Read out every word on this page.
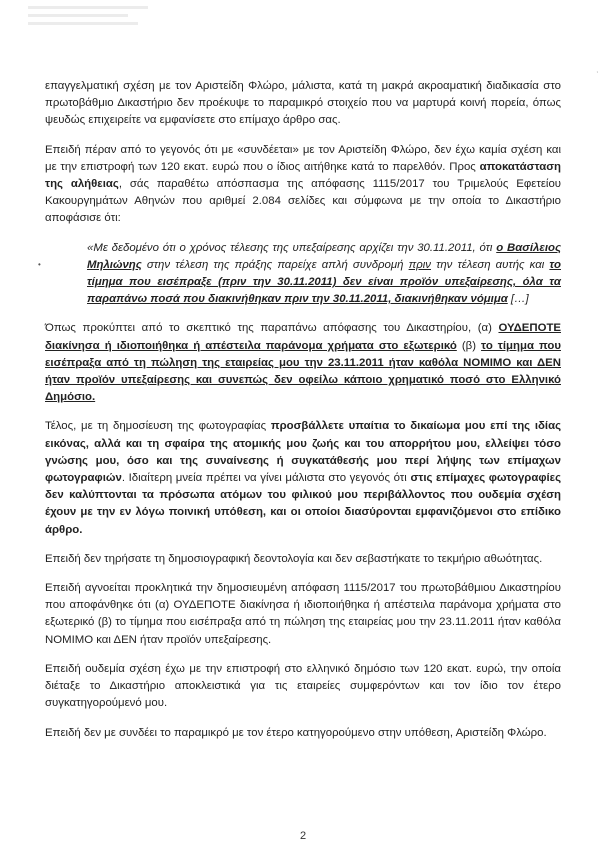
ʹ
•

επαγγελματική σχέση με τον Αριστείδη Φλώρο, μάλιστα, κατά τη μακρά ακροαματική διαδικασία στο πρωτοβάθμιο Δικαστήριο δεν προέκυψε το παραμικρό στοιχείο που να μαρτυρά κοινή πορεία, όπως ψευδώς επιχειρείτε να εμφανίσετε στο επίμαχο άρθρο σας.

Επειδή πέραν από το γεγονός ότι με «συνδέεται» με τον Αριστείδη Φλώρο, δεν έχω καμία σχέση και με την επιστροφή των 120 εκατ. ευρώ που ο ίδιος αιτήθηκε κατά το παρελθόν. Προς αποκατάσταση της αλήθειας, σάς παραθέτω απόσπασμα της απόφασης 1115/2017 του Τριμελούς Εφετείου Κακουργημάτων Αθηνών που αριθμεί 2.084 σελίδες και σύμφωνα με την οποία το Δικαστήριο αποφάσισε ότι:

«Με δεδομένο ότι ο χρόνος τέλεσης της υπεξαίρεσης αρχίζει την 30.11.2011, ότι ο Βασίλειος Μηλιώνης στην τέλεση της πράξης παρείχε απλή συνδρομή πριν την τέλεση αυτής και το τίμημα που εισέπραξε (πριν την 30.11.2011) δεν είναι προϊόν υπεξαίρεσης, όλα τα παραπάνω ποσά που διακινήθηκαν πριν την 30.11.2011, διακινήθηκαν νόμιμα […]

Όπως προκύπτει από το σκεπτικό της παραπάνω απόφασης του Δικαστηρίου, (α) ΟΥΔΕΠΟΤΕ διακίνησα ή ιδιοποιήθηκα ή απέστειλα παράνομα χρήματα στο εξωτερικό (β) το τίμημα που εισέπραξα από τη πώληση της εταιρείας μου την 23.11.2011 ήταν καθόλα ΝΟΜΙΜΟ και ΔΕΝ ήταν προϊόν υπεξαίρεσης και συνεπώς δεν οφείλω κάποιο χρηματικό ποσό στο Ελληνικό Δημόσιο.

Τέλος, με τη δημοσίευση της φωτογραφίας προσβάλλετε υπαίτια το δικαίωμα μου επί της ιδίας εικόνας, αλλά και τη σφαίρα της ατομικής μου ζωής και του απορρήτου μου, ελλείψει τόσο γνώσης μου, όσο και της συναίνεσης ή συγκατάθεσής μου περί λήψης των επίμαχων φωτογραφιών. Ιδιαίτερη μνεία πρέπει να γίνει μάλιστα στο γεγονός ότι στις επίμαχες φωτογραφίες δεν καλύπτονται τα πρόσωπα ατόμων του φιλικού μου περιβάλλοντος που ουδεμία σχέση έχουν με την εν λόγω ποινική υπόθεση, και οι οποίοι διασύρονται εμφανιζόμενοι στο επίδικο άρθρο.

Επειδή δεν τηρήσατε τη δημοσιογραφική δεοντολογία και δεν σεβαστήκατε το τεκμήριο αθωότητας.

Επειδή αγνοείται προκλητικά την δημοσιευμένη απόφαση 1115/2017 του πρωτοβάθμιου Δικαστηρίου που αποφάνθηκε ότι (α) ΟΥΔΕΠΟΤΕ διακίνησα ή ιδιοποιήθηκα ή απέστειλα παράνομα χρήματα στο εξωτερικό (β) το τίμημα που εισέπραξα από τη πώληση της εταιρείας μου την 23.11.2011 ήταν καθόλα ΝΟΜΙΜΟ και ΔΕΝ ήταν προϊόν υπεξαίρεσης.

Επειδή ουδεμία σχέση έχω με την επιστροφή στο ελληνικό δημόσιο των 120 εκατ. ευρώ, την οποία διέταξε το Δικαστήριο αποκλειστικά για τις εταιρείες συμφερόντων και τον ίδιο τον έτερο συγκατηγορούμενό μου.

Επειδή δεν με συνδέει το παραμικρό με τον έτερο κατηγορούμενο στην υπόθεση, Αριστείδη Φλώρο.

2
